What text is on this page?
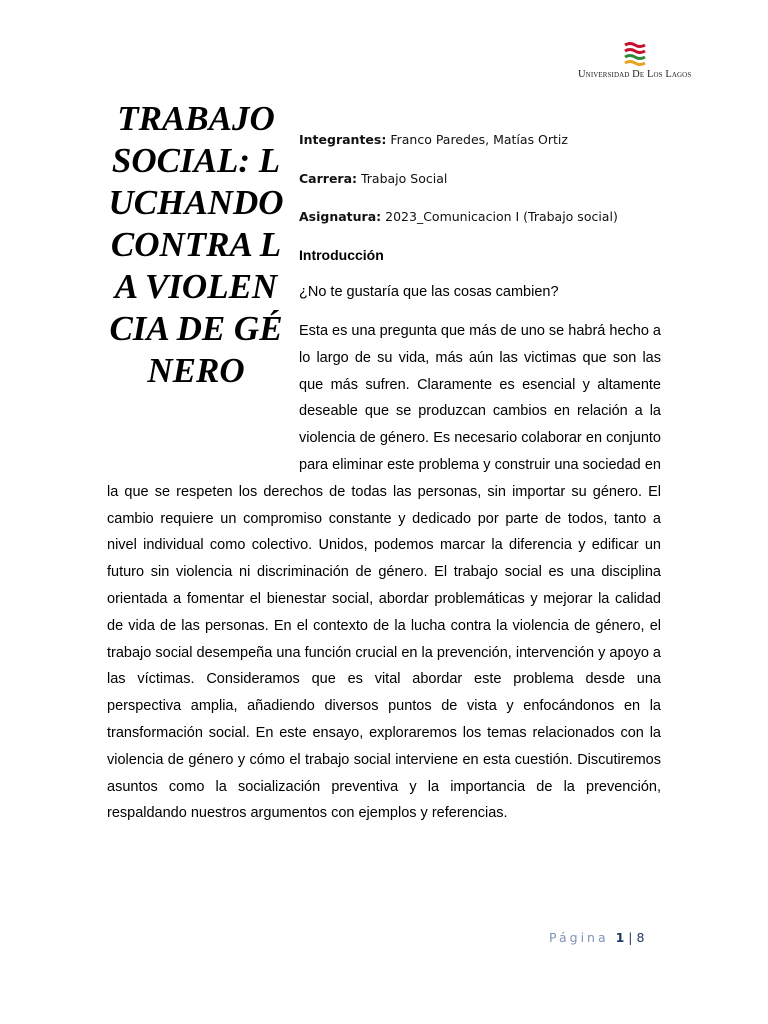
Universidad De Los Lagos
TRABAJO SOCIAL: LUCHANDO CONTRA LA VIOLENCIA DE GÉNERO
Integrantes: Franco Paredes, Matías Ortiz
Carrera: Trabajo Social
Asignatura: 2023_Comunicacion I (Trabajo social)
Introducción
¿No te gustaría que las cosas cambien?
Esta es una pregunta que más de uno se habrá hecho a lo largo de su vida, más aún las victimas que son las que más sufren. Claramente es esencial y altamente deseable que se produzcan cambios en relación a la violencia de género. Es necesario colaborar en conjunto para eliminar este problema y construir una sociedad en la que se respeten los derechos de todas las personas, sin importar su género. El cambio requiere un compromiso constante y dedicado por parte de todos, tanto a nivel individual como colectivo. Unidos, podemos marcar la diferencia y edificar un futuro sin violencia ni discriminación de género. El trabajo social es una disciplina orientada a fomentar el bienestar social, abordar problemáticas y mejorar la calidad de vida de las personas. En el contexto de la lucha contra la violencia de género, el trabajo social desempeña una función crucial en la prevención, intervención y apoyo a las víctimas. Consideramos que es vital abordar este problema desde una perspectiva amplia, añadiendo diversos puntos de vista y enfocándonos en la transformación social. En este ensayo, exploraremos los temas relacionados con la violencia de género y cómo el trabajo social interviene en esta cuestión. Discutiremos asuntos como la socialización preventiva y la importancia de la prevención, respaldando nuestros argumentos con ejemplos y referencias.
Página 1 | 8
